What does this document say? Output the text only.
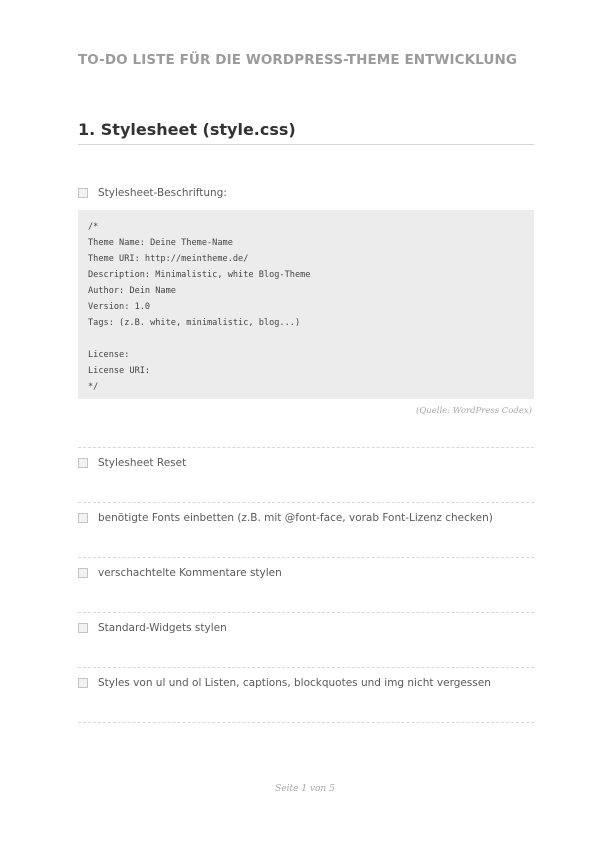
TO-DO LISTE FÜR DIE WORDPRESS-THEME ENTWICKLUNG
1. Stylesheet (style.css)
Stylesheet-Beschriftung:
/*
Theme Name: Deine Theme-Name
Theme URI: http://meintheme.de/
Description: Minimalistic, white Blog-Theme
Author: Dein Name
Version: 1.0
Tags: (z.B. white, minimalistic, blog...)
License:
License URI:
*/
(Quelle: WordPress Codex)
Stylesheet Reset
benötigte Fonts einbetten (z.B. mit @font-face, vorab Font-Lizenz checken)
verschachtelte Kommentare stylen
Standard-Widgets stylen
Styles von ul und ol Listen, captions, blockquotes und img nicht vergessen
Seite 1 von 5
